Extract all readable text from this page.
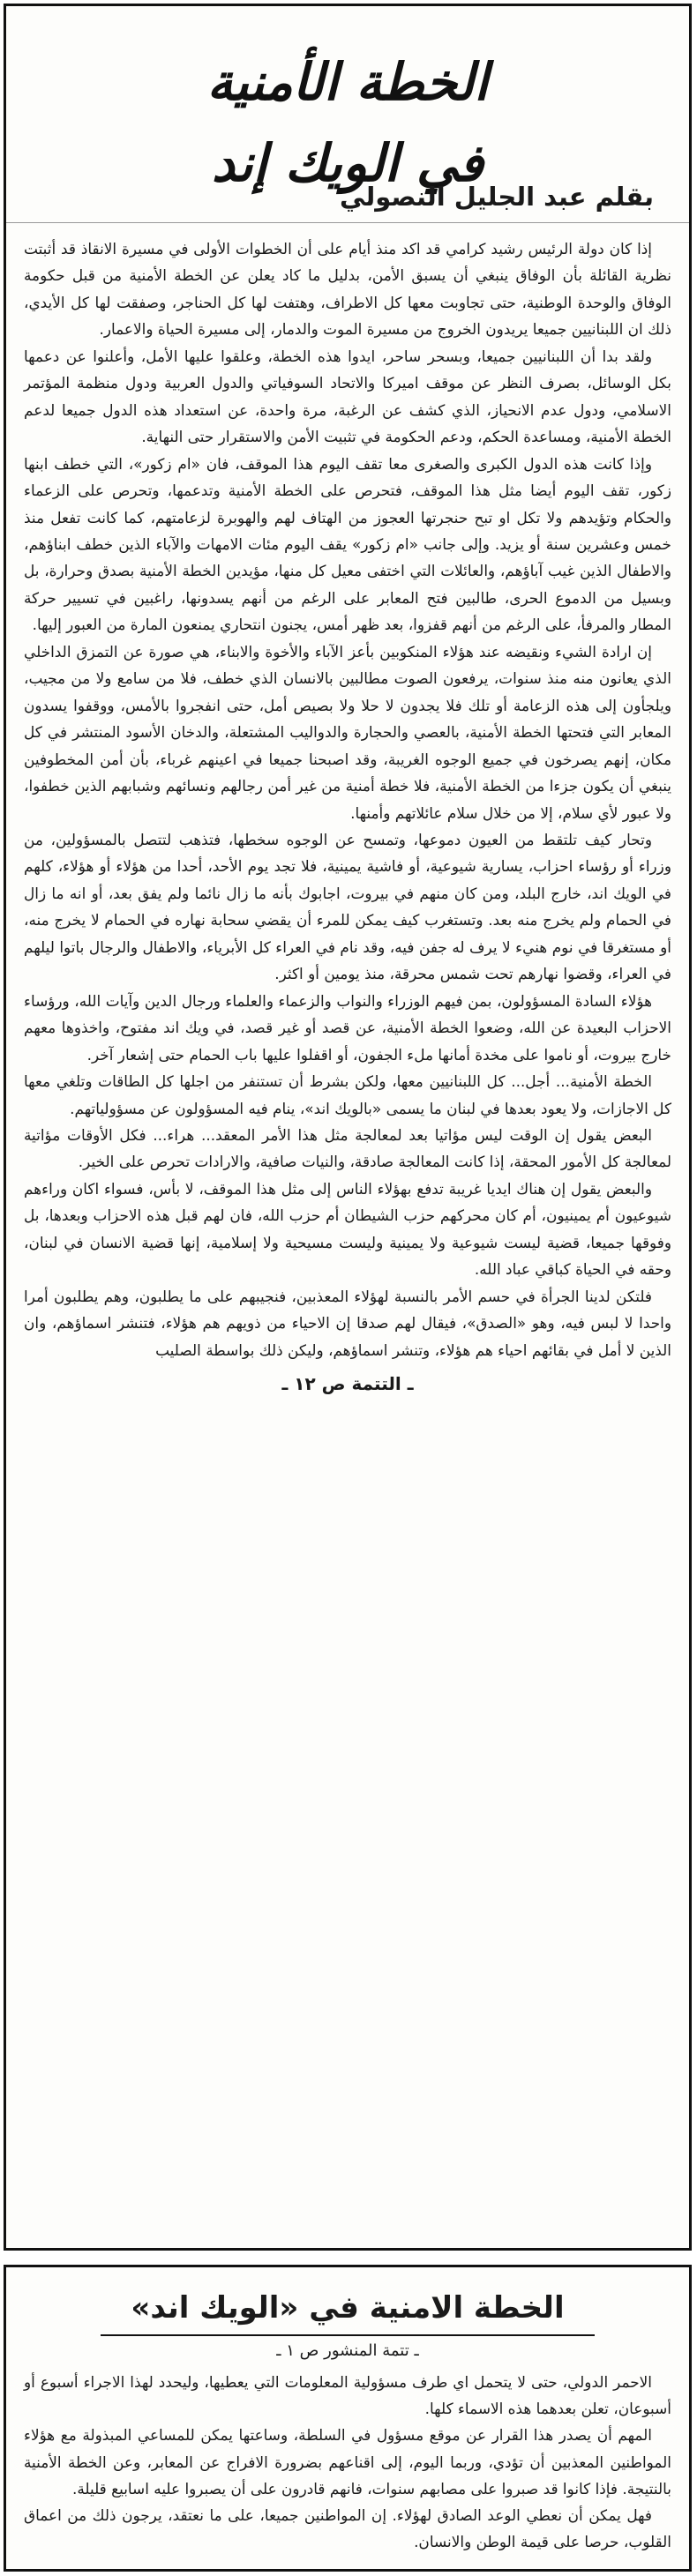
الخطة الأمنية
في الويك إند
بقلم عبد الجليل النصولي

إذا كان دولة الرئيس رشيد كرامي قد اكد منذ أيام على أن الخطوات الأولى في مسيرة الانقاذ قد أثبتت نظرية القائلة بأن الوفاق ينبغي أن يسبق الأمن، بدليل ما كاد يعلن عن الخطة الأمنية من قبل حكومة الوفاق والوحدة الوطنية، حتى تجاوبت معها كل الاطراف، وهتفت لها كل الحناجر، وصفقت لها كل الأيدي، ذلك ان اللبنانيين جميعا يريدون الخروج من مسيرة الموت والدمار، إلى مسيرة الحياة والاعمار.

ولقد بدا أن اللبنانيين جميعا، وبسحر ساحر، ايدوا هذه الخطة، وعلقوا عليها الأمل، وأعلنوا عن دعمها بكل الوسائل، بصرف النظر عن موقف اميركا والاتحاد السوفياتي والدول العربية ودول منظمة المؤتمر الاسلامي، ودول عدم الانحياز، الذي كشف عن الرغبة، مرة واحدة، عن استعداد هذه الدول جميعا لدعم الخطة الأمنية، ومساعدة الحكم، ودعم الحكومة في تثبيت الأمن والاستقرار حتى النهاية.

وإذا كانت هذه الدول الكبرى والصغرى معا تقف اليوم هذا الموقف، فان «ام زكور»، التي خطف ابنها زكور، تقف اليوم أيضا مثل هذا الموقف، فتحرص على الخطة الأمنية وتدعمها، وتحرص على الزعماء والحكام وتؤيدهم ولا تكل او تبح حنجرتها العجوز من الهتاف لهم والهوبرة لزعامتهم، كما كانت تفعل منذ خمس وعشرين سنة أو يزيد. وإلى جانب «ام زكور» يقف اليوم مئات الامهات والآباء الذين خطف ابناؤهم، والاطفال الذين غيب آباؤهم، والعائلات التي اختفى معيل كل منها، مؤيدين الخطة الأمنية بصدق وحرارة، بل وبسيل من الدموع الحرى، طالبين فتح المعابر على الرغم من أنهم يسدونها، راغبين في تسيير حركة المطار والمرفأ، على الرغم من أنهم قفزوا، بعد ظهر أمس، يجنون انتحاري يمنعون المارة من العبور إليها.

إن ارادة الشيء ونقيضه عند هؤلاء المنكوبين بأعز الآباء والأخوة والابناء، هي صورة عن التمزق الداخلي الذي يعانون منه منذ سنوات، يرفعون الصوت مطالبين بالانسان الذي خطف، فلا من سامع ولا من مجيب، ويلجأون إلى هذه الزعامة أو تلك فلا يجدون لا حلا ولا بصيص أمل، حتى انفجروا بالأمس، ووقفوا يسدون المعابر التي فتحتها الخطة الأمنية، بالعصي والحجارة والدواليب المشتعلة، والدخان الأسود المنتشر في كل مكان، إنهم يصرخون في جميع الوجوه الغريبة، وقد اصبحنا جميعا في اعينهم غرباء، بأن أمن المخطوفين ينبغي أن يكون جزءا من الخطة الأمنية، فلا خطة أمنية من غير أمن رجالهم ونسائهم وشبابهم الذين خطفوا، ولا عبور لأي سلام، إلا من خلال سلام عائلاتهم وأمنها.

وتحار كيف تلتقط من العيون دموعها، وتمسح عن الوجوه سخطها، فتذهب لتتصل بالمسؤولين، من وزراء أو رؤساء احزاب، يسارية شيوعية، أو فاشية يمينية، فلا تجد يوم الأحد، أحدا من هؤلاء أو هؤلاء، كلهم في الويك اند، خارج البلد، ومن كان منهم في بيروت، اجابوك بأنه ما زال نائما ولم يفق بعد، أو انه ما زال في الحمام ولم يخرج منه بعد. وتستغرب كيف يمكن للمرء أن يقضي سحابة نهاره في الحمام لا يخرج منه، أو مستغرقا في نوم هنيء لا يرف له جفن فيه، وقد نام في العراء كل الأبرياء، والاطفال والرجال باتوا ليلهم في العراء، وقضوا نهارهم تحت شمس محرقة، منذ يومين أو اكثر.

هؤلاء السادة المسؤولون، بمن فيهم الوزراء والنواب والزعماء والعلماء ورجال الدين وآيات الله، ورؤساء الاحزاب البعيدة عن الله، وضعوا الخطة الأمنية، عن قصد أو غير قصد، في ويك اند مفتوح، واخذوها معهم خارج بيروت، أو ناموا على مخدة أمانها ملء الجفون، أو اقفلوا عليها باب الحمام حتى إشعار آخر.

الخطة الأمنية... أجل... كل اللبنانيين معها، ولكن بشرط أن تستنفر من اجلها كل الطاقات وتلغي معها كل الاجازات، ولا يعود بعدها في لبنان ما يسمى «بالويك اند»، ينام فيه المسؤولون عن مسؤولياتهم.

البعض يقول إن الوقت ليس مؤاتيا بعد لمعالجة مثل هذا الأمر المعقد... هراء... فكل الأوقات مؤاتية لمعالجة كل الأمور المحقة، إذا كانت المعالجة صادقة، والنيات صافية، والارادات تحرص على الخير.

والبعض يقول إن هناك ايديا غريبة تدفع بهؤلاء الناس إلى مثل هذا الموقف، لا بأس، فسواء اكان وراءهم شيوعيون أم يمينيون، أم كان محركهم حزب الشيطان أم حزب الله، فان لهم قبل هذه الاحزاب وبعدها، بل وفوقها جميعا، قضية ليست شيوعية ولا يمينية وليست مسيحية ولا إسلامية، إنها قضية الانسان في لبنان، وحقه في الحياة كباقي عباد الله.

فلتكن لدينا الجرأة في حسم الأمر بالنسبة لهؤلاء المعذبين، فنجيبهم على ما يطلبون، وهم يطلبون أمرا واحدا لا لبس فيه، وهو «الصدق»، فيقال لهم صدقا إن الاحياء من ذويهم هم هؤلاء، فتنشر اسماؤهم، وان الذين لا أمل في بقائهم احياء هم هؤلاء، وتنشر اسماؤهم، وليكن ذلك بواسطة الصليب

ـ التتمة ص ١٢ ـ
الخطة الامنية في «الويك اند»
ـ تتمة المنشور ص ١ ـ

الاحمر الدولي، حتى لا يتحمل اي طرف مسؤولية المعلومات التي يعطيها، وليحدد لهذا الاجراء أسبوع أو أسبوعان، تعلن بعدهما هذه الاسماء كلها.

المهم أن يصدر هذا القرار عن موقع مسؤول في السلطة، وساعتها يمكن للمساعي المبذولة مع هؤلاء المواطنين المعذبين أن تؤدي، وربما اليوم، إلى اقناعهم بضرورة الافراج عن المعابر، وعن الخطة الأمنية بالنتيجة. فإذا كانوا قد صبروا على مصابهم سنوات، فانهم قادرون على أن يصبروا عليه اسابيع قليلة.

فهل يمكن أن نعطي الوعد الصادق لهؤلاء. إن المواطنين جميعا، على ما نعتقد، يرجون ذلك من اعماق القلوب، حرصا على قيمة الوطن والانسان.
